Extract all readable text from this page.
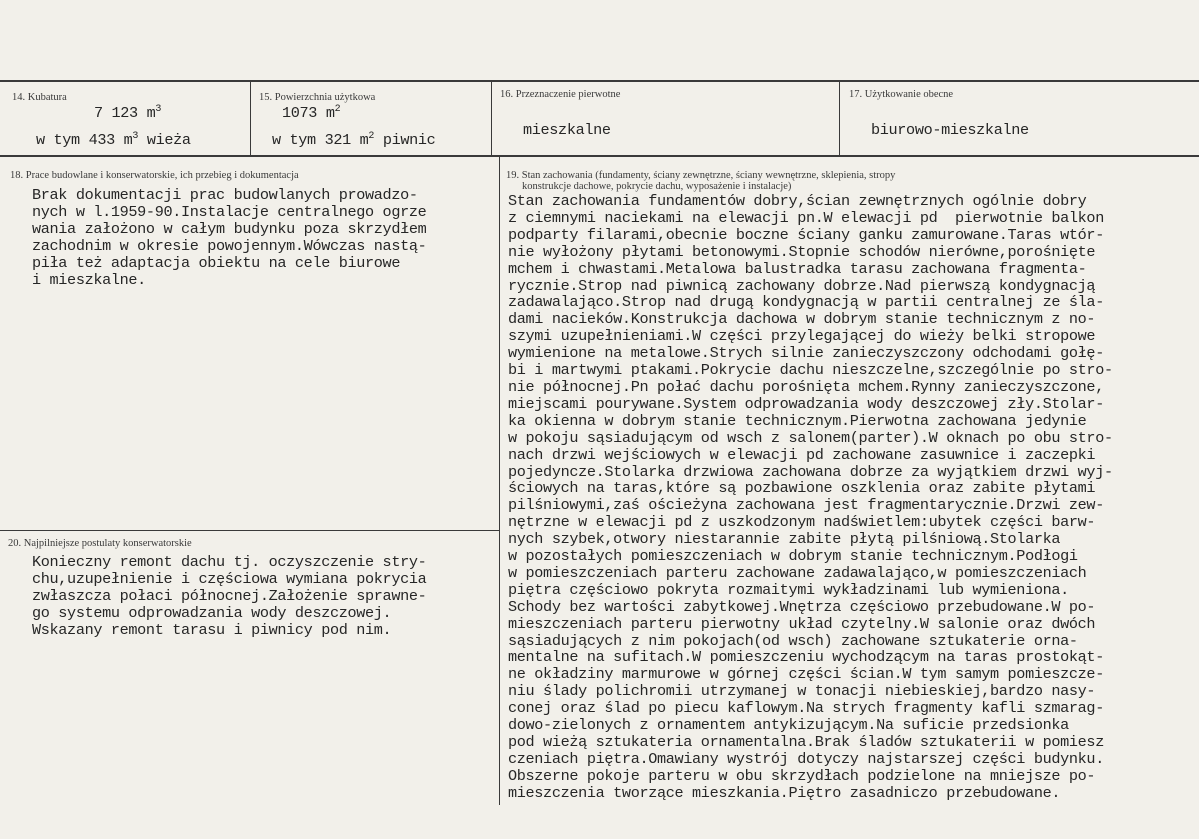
14. Kubatura
7 123 $m^3$
w tym 433 $m^3$ wieża
15. Powierzchnia użytkowa
1073 $m^2$
w tym 321 $m^2$ piwnic
16. Przeznaczenie pierwotne
mieszkalne
17. Użytkowanie obecne
biurowo-mieszkalne
18. Prace budowlane i konserwatorskie, ich przebieg i dokumentacja
Brak dokumentacji prac budowlanych prowadzo-
nych w l.1959-90.Instalacje centralnego ogrze
wania założono w całym budynku poza skrzydłem
zachodnim w okresie powojennym.Wówczas nastą-
piła też adaptacja obiektu na cele biurowe
i mieszkalne.
20. Najpilniejsze postulaty konserwatorskie
Konieczny remont dachu tj. oczyszczenie stry-
chu,uzupełnienie i częściowa wymiana pokrycia
zwłaszcza połaci północnej.Założenie sprawne-
go systemu odprowadzania wody deszczowej.
Wskazany remont tarasu i piwnicy pod nim.
19. Stan zachowania (fundamenty, ściany zewnętrzne, ściany wewnętrzne, sklepienia, stropy
konstrukcje dachowe, pokrycie dachu, wyposażenie i instalacje)
Stan zachowania fundamentów dobry,ścian zewnętrznych ogólnie dobry
z ciemnymi naciekami na elewacji pn.W elewacji pd  pierwotnie balkon
podparty filarami,obecnie boczne ściany ganku zamurowane.Taras wtór-
nie wyłożony płytami betonowymi.Stopnie schodów nierówne,porośnięte
mchem i chwastami.Metalowa balustradka tarasu zachowana fragmenta-
rycznie.Strop nad piwnicą zachowany dobrze.Nad pierwszą kondygnacją
zadawalająco.Strop nad drugą kondygnacją w partii centralnej ze śla-
dami nacieków.Konstrukcja dachowa w dobrym stanie technicznym z no-
szymi uzupełnieniami.W części przylegającej do wieży belki stropowe
wymienione na metalowe.Strych silnie zanieczyszczony odchodami gołę-
bi i martwymi ptakami.Pokrycie dachu nieszczelne,szczególnie po stro-
nie północnej.Pn połać dachu porośnięta mchem.Rynny zanieczyszczone,
miejscami pourywane.System odprowadzania wody deszczowej zły.Stolar-
ka okienna w dobrym stanie technicznym.Pierwotna zachowana jedynie
w pokoju sąsiadującym od wsch z salonem(parter).W oknach po obu stro-
nach drzwi wejściowych w elewacji pd zachowane zasuwnice i zaczepki
pojedyncze.Stolarka drzwiowa zachowana dobrze za wyjątkiem drzwi wyj-
ściowych na taras,które są pozbawione oszklenia oraz zabite płytami
pilśniowymi,zaś ościeżyna zachowana jest fragmentarycznie.Drzwi zew-
nętrzne w elewacji pd z uszkodzonym nadświetlem:ubytek części barw-
nych szybek,otwory niestarannie zabite płytą pilśniową.Stolarka
w pozostałych pomieszczeniach w dobrym stanie technicznym.Podłogi
w pomieszczeniach parteru zachowane zadawalająco,w pomieszczeniach
piętra częściowo pokryta rozmaitymi wykładzinami lub wymieniona.
Schody bez wartości zabytkowej.Wnętrza częściowo przebudowane.W po-
mieszczeniach parteru pierwotny układ czytelny.W salonie oraz dwóch
sąsiadujących z nim pokojach(od wsch) zachowane sztukaterie orna-
mentalne na sufitach.W pomieszczeniu wychodzącym na taras prostokąt-
ne okładziny marmurowe w górnej części ścian.W tym samym pomieszcze-
niu ślady polichromii utrzymanej w tonacji niebieskiej,bardzo nasy-
conej oraz ślad po piecu kaflowym.Na strych fragmenty kafli szmarag-
dowo-zielonych z ornamentem antykizującym.Na suficie przedsionka
pod wieżą sztukateria ornamentalna.Brak śladów sztukaterii w pomiesz
czeniach piętra.Omawiany wystrój dotyczy najstarszej części budynku.
Obszerne pokoje parteru w obu skrzydłach podzielone na mniejsze po-
mieszczenia tworzące mieszkania.Piętro zasadniczo przebudowane.
